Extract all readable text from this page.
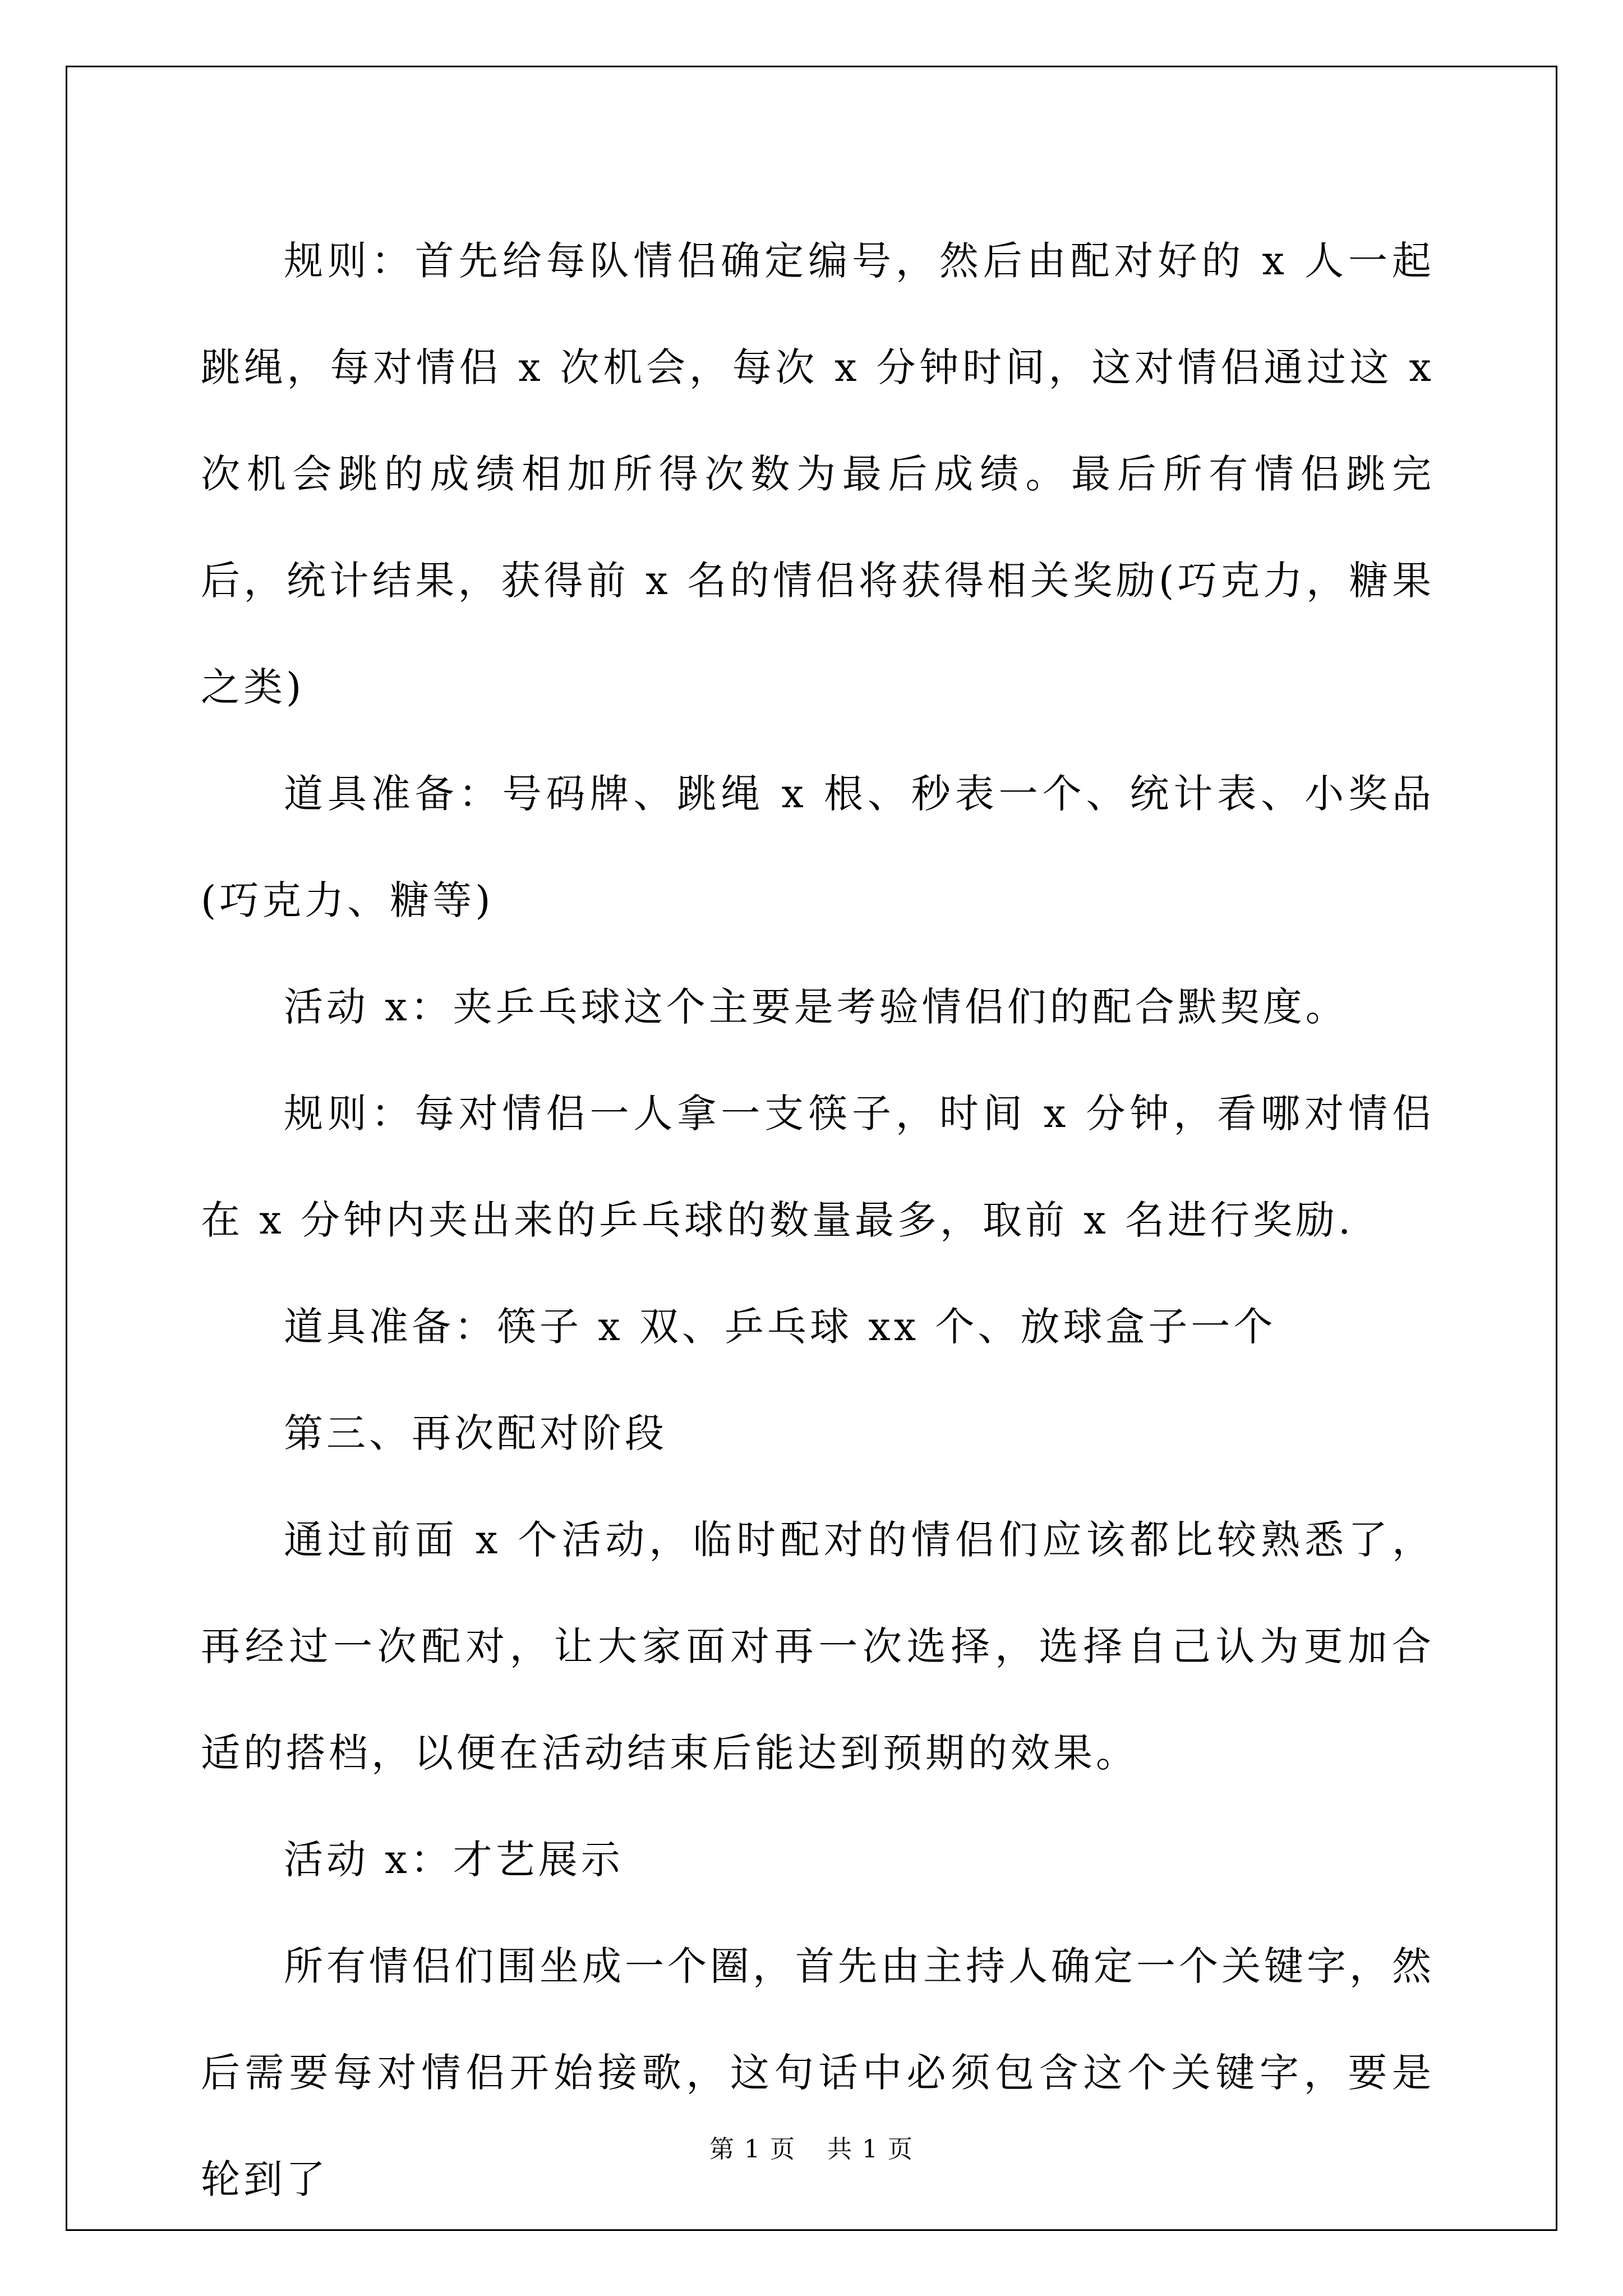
规则：首先给每队情侣确定编号，然后由配对好的 x 人一起跳绳，每对情侣 x 次机会，每次 x 分钟时间，这对情侣通过这 x 次机会跳的成绩相加所得次数为最后成绩。最后所有情侣跳完后，统计结果，获得前 x 名的情侣将获得相关奖励(巧克力，糖果之类)

道具准备：号码牌、跳绳 x 根、秒表一个、统计表、小奖品(巧克力、糖等)

活动 x：夹乒乓球这个主要是考验情侣们的配合默契度。

规则：每对情侣一人拿一支筷子，时间 x 分钟，看哪对情侣在 x 分钟内夹出来的乒乓球的数量最多，取前 x 名进行奖励.

道具准备：筷子 x 双、乒乓球 xx 个、放球盒子一个

第三、再次配对阶段

通过前面 x 个活动，临时配对的情侣们应该都比较熟悉了，再经过一次配对，让大家面对再一次选择，选择自己认为更加合适的搭档，以便在活动结束后能达到预期的效果。

活动 x：才艺展示

所有情侣们围坐成一个圈，首先由主持人确定一个关键字，然后需要每对情侣开始接歌，这句话中必须包含这个关键字，要是轮到了

第 1 页 共 1 页
